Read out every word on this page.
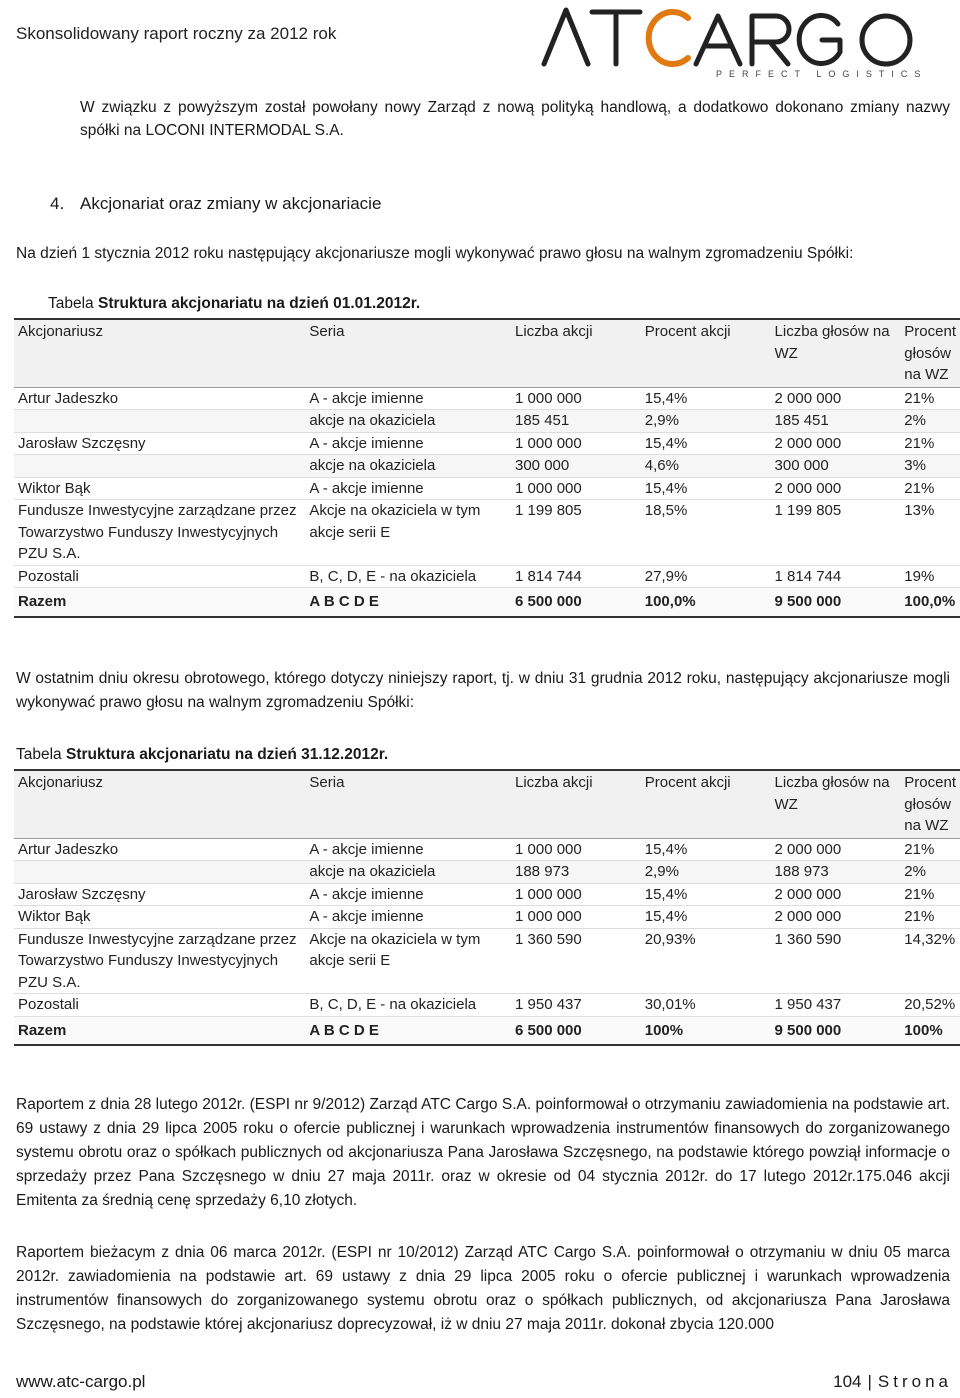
Skonsolidowany raport roczny za 2012 rok
PERFECT LOGISTICS
W związku z powyższym został powołany nowy Zarząd z nową polityką handlową, a dodatkowo dokonano zmiany nazwy spółki na LOCONI INTERMODAL S.A.
4. Akcjonariat oraz zmiany w akcjonariacie
Na dzień 1 stycznia 2012 roku następujący akcjonariusze mogli wykonywać prawo głosu na walnym zgromadzeniu Spółki:
Tabela Struktura akcjonariatu na dzień 01.01.2012r.
Akcjonariusz	Seria	Liczba akcji	Procent akcji	Liczba głosów na WZ	Procent głosów na WZ
Artur Jadeszko	A - akcje imienne	1 000 000	15,4%	2 000 000	21%
	akcje na okaziciela	185 451	2,9%	185 451	2%
Jarosław Szczęsny	A - akcje imienne	1 000 000	15,4%	2 000 000	21%
	akcje na okaziciela	300 000	4,6%	300 000	3%
Wiktor Bąk	A - akcje imienne	1 000 000	15,4%	2 000 000	21%
Fundusze Inwestycyjne zarządzane przez Towarzystwo Funduszy Inwestycyjnych PZU S.A.	Akcje na okaziciela w tym akcje serii E	1 199 805	18,5%	1 199 805	13%
Pozostali	B, C, D, E - na okaziciela	1 814 744	27,9%	1 814 744	19%
Razem	A B C D E	6 500 000	100,0%	9 500 000	100,0%
W ostatnim dniu okresu obrotowego, którego dotyczy niniejszy raport, tj. w dniu 31 grudnia 2012 roku, następujący akcjonariusze mogli wykonywać prawo głosu na walnym zgromadzeniu Spółki:
Tabela Struktura akcjonariatu na dzień 31.12.2012r.
Akcjonariusz	Seria	Liczba akcji	Procent akcji	Liczba głosów na WZ	Procent głosów na WZ
Artur Jadeszko	A - akcje imienne	1 000 000	15,4%	2 000 000	21%
	akcje na okaziciela	188 973	2,9%	188 973	2%
Jarosław Szczęsny	A - akcje imienne	1 000 000	15,4%	2 000 000	21%
Wiktor Bąk	A - akcje imienne	1 000 000	15,4%	2 000 000	21%
Fundusze Inwestycyjne zarządzane przez Towarzystwo Funduszy Inwestycyjnych PZU S.A.	Akcje na okaziciela w tym akcje serii E	1 360 590	20,93%	1 360 590	14,32%
Pozostali	B, C, D, E - na okaziciela	1 950 437	30,01%	1 950 437	20,52%
Razem	A B C D E	6 500 000	100%	9 500 000	100%
Raportem z dnia 28 lutego 2012r. (ESPI nr 9/2012) Zarząd ATC Cargo S.A. poinformował o otrzymaniu zawiadomienia na podstawie art. 69 ustawy z dnia 29 lipca 2005 roku o ofercie publicznej i warunkach wprowadzenia instrumentów finansowych do zorganizowanego systemu obrotu oraz o spółkach publicznych od akcjonariusza Pana Jarosława Szczęsnego, na podstawie którego powziął informacje o sprzedaży przez Pana Szczęsnego w dniu 27 maja 2011r. oraz w okresie od 04 stycznia 2012r. do 17 lutego 2012r.175.046 akcji Emitenta za średnią cenę sprzedaży 6,10 złotych.
Raportem bieżacym z dnia 06 marca 2012r. (ESPI nr 10/2012) Zarząd ATC Cargo S.A. poinformował o otrzymaniu w dniu 05 marca 2012r. zawiadomienia na podstawie art. 69 ustawy z dnia 29 lipca 2005 roku o ofercie publicznej i warunkach wprowadzenia instrumentów finansowych do zorganizowanego systemu obrotu oraz o spółkach publicznych, od akcjonariusza Pana Jarosława Szczęsnego, na podstawie której akcjonariusz doprecyzował, iż w dniu 27 maja 2011r. dokonał zbycia 120.000
www.atc-cargo.pl	104 | Strona
